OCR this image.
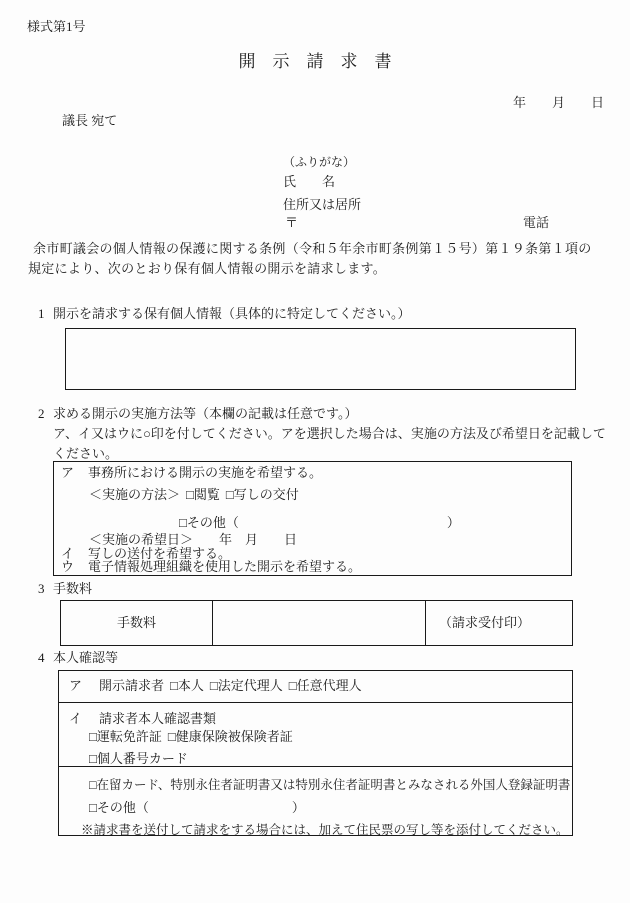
様式第1号
開　示　請　求　書
年　　月　　日
議長 宛て
（ふりがな）
氏　　名
住所又は居所
〒	電話
余市町議会の個人情報の保護に関する条例（令和５年余市町条例第１５号）第１９条第１項の
規定により、次のとおり保有個人情報の開示を請求します。
1 開示を請求する保有個人情報（具体的に特定してください。）
2 求める開示の実施方法等（本欄の記載は任意です。）
ア、イ又はウに○印を付してください。アを選択した場合は、実施の方法及び希望日を記載して
ください。
ア 事務所における開示の実施を希望する。
＜実施の方法＞ □閲覧 □写しの交付
□その他（　　　　　　　　　　　　　　　　）
＜実施の希望日＞　　年　月　　日
イ 写しの送付を希望する。
ウ 電子情報処理組織を使用した開示を希望する。
3 手数料
手数料	（請求受付印）
4 本人確認等
ア 開示請求者 □本人 □法定代理人 □任意代理人
イ 請求者本人確認書類
□運転免許証 □健康保険被保険者証
□個人番号カード
□在留カード、特別永住者証明書又は特別永住者証明書とみなされる外国人登録証明書
□その他（　　　　　　　　　　　）
※請求書を送付して請求をする場合には、加えて住民票の写し等を添付してください。
